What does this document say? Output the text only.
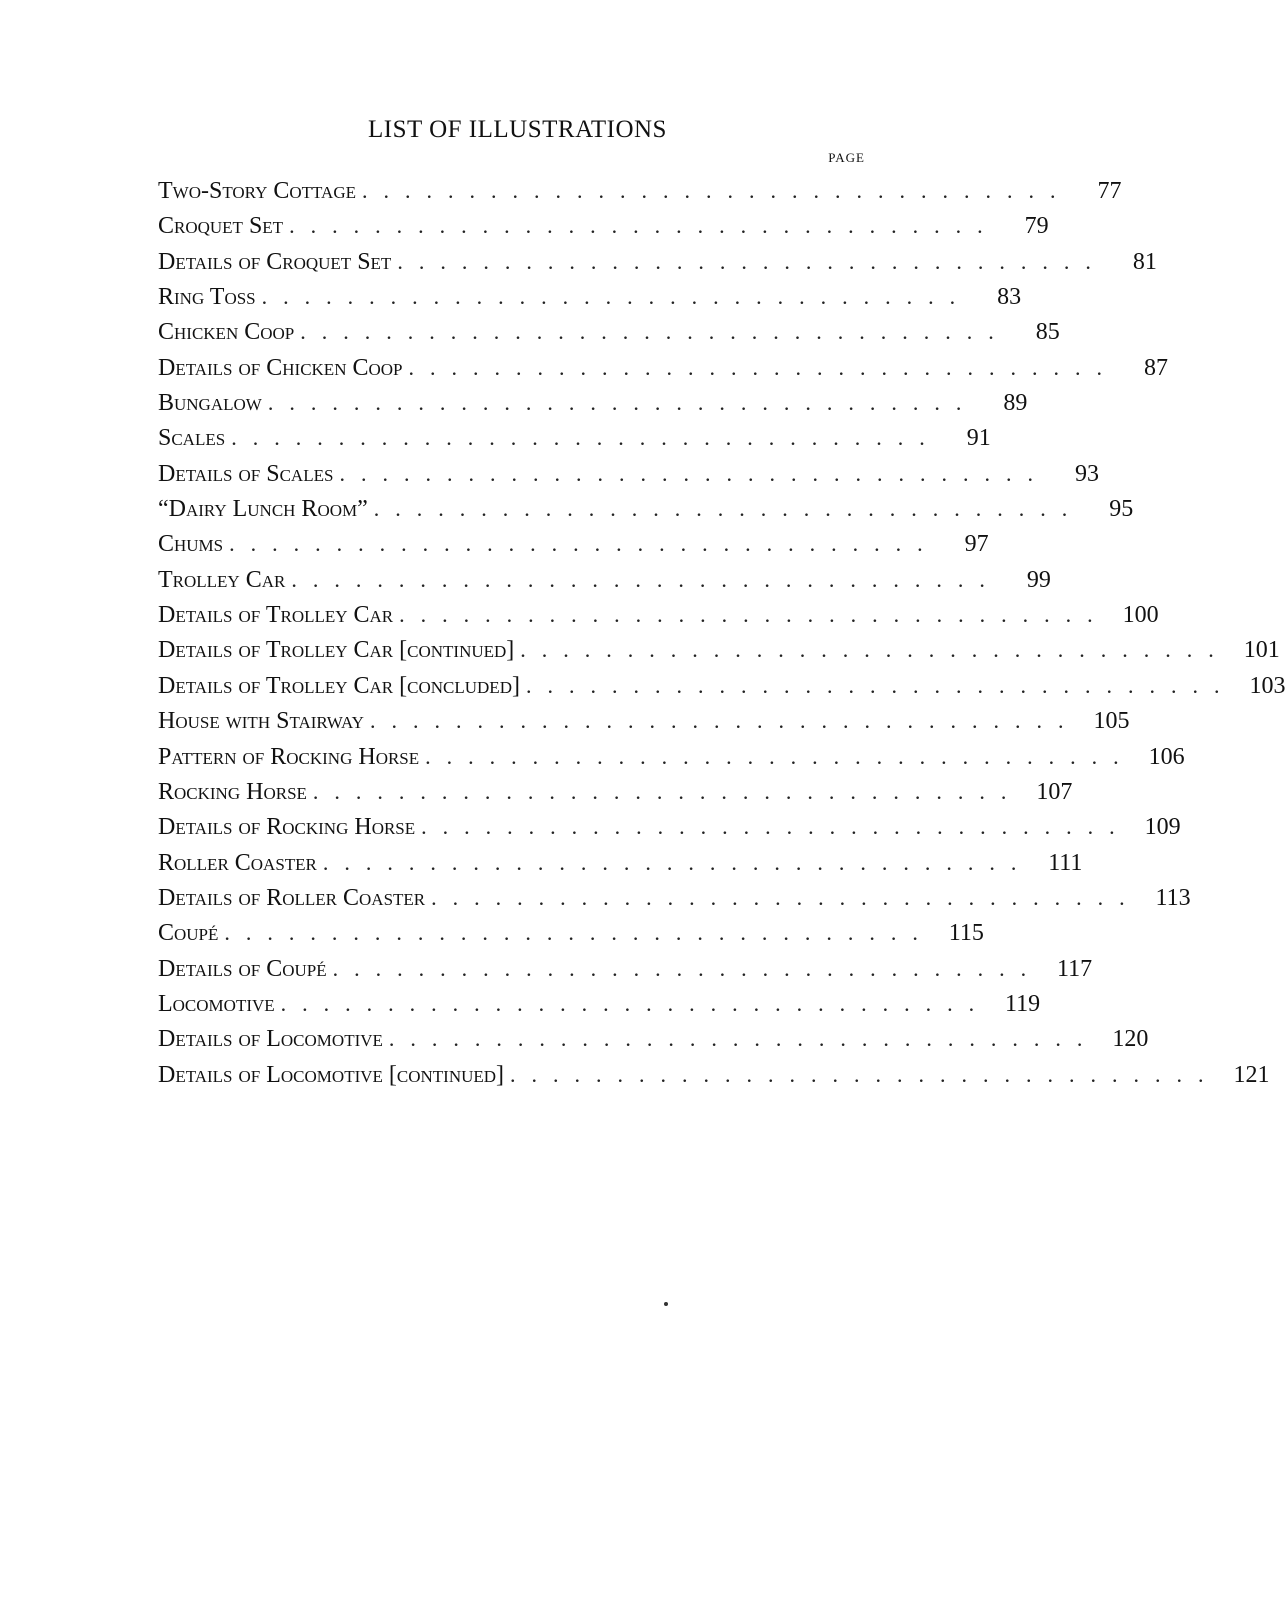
LIST OF ILLUSTRATIONS
PAGE
Two-Story Cottage .................................	77
Croquet Set .................................	79
Details of Croquet Set .................................	81
Ring Toss .................................	83
Chicken Coop .................................	85
Details of Chicken Coop .................................	87
Bungalow .................................	89
Scales .................................	91
Details of Scales .................................	93
“Dairy Lunch Room” .................................	95
Chums .................................	97
Trolley Car .................................	99
Details of Trolley Car ................................. 100
Details of Trolley Car [continued] ................................. 101
Details of Trolley Car [concluded] ................................. 103
House with Stairway ................................. 105
Pattern of Rocking Horse ................................. 106
Rocking Horse ................................. 107
Details of Rocking Horse ................................. 109
Roller Coaster ................................. 111
Details of Roller Coaster ................................. 113
Coupé ................................. 115
Details of Coupé ................................. 117
Locomotive ................................. 119
Details of Locomotive ................................. 120
Details of Locomotive [continued] ................................. 121
